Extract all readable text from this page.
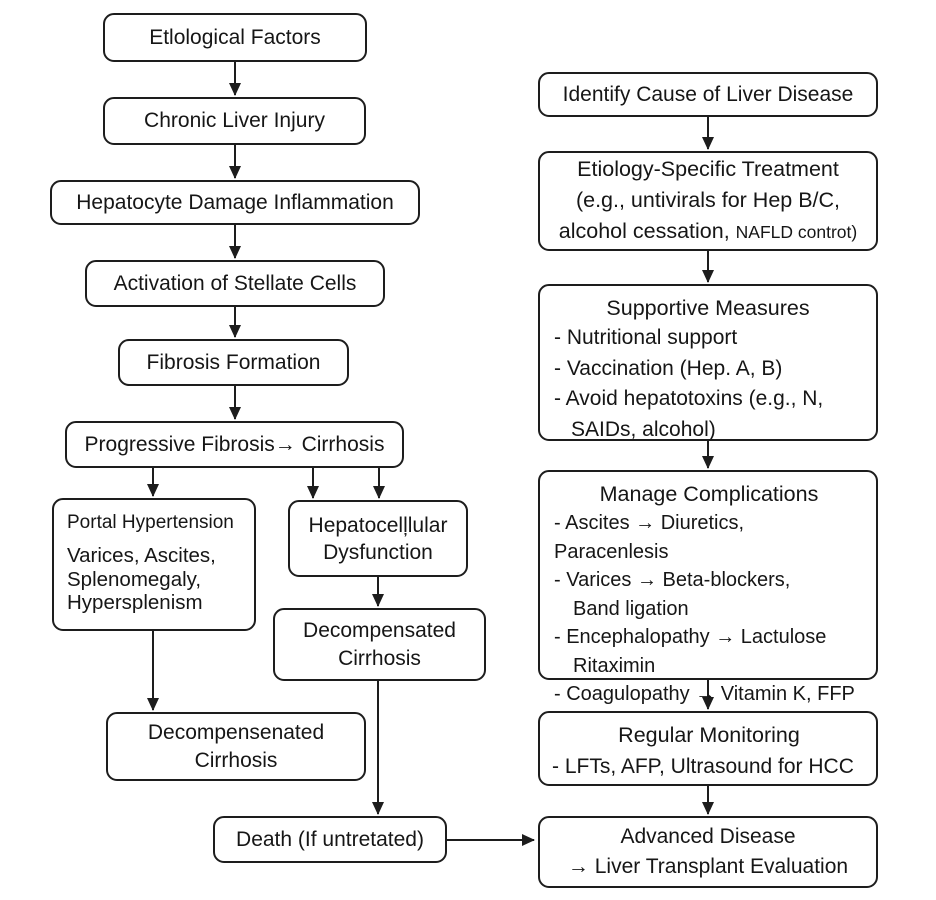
Etlological Factors
Chronic Liver Injury
Hepatocyte Damage Inflammation
Activation of Stellate Cells
Fibrosis Formation
Progressive Fibrosis→ Cirrhosis
Portal Hypertension
Varices, Ascites,
Splenomegaly,
Hypersplenism
Hepatocelļlular
Dysfunction
Decompensated
Cirrhosis
Decompensenated
Cirrhosis
Death (If untretated)
Identify Cause of Liver Disease
Etiology-Specific Treatment
(e.g., untivirals for Hep B/C,
alcohol cessation, NAFLD controt)
Supportive Measures
- Nutritional support
- Vaccination (Hep. A, B)
- Avoid hepatotoxins (e.g., N,
SAIDs, alcohol)
Manage Complications
- Ascites → Diuretics, Paracenlesis
- Varices → Beta-blockers,
Band ligation
- Encephalopathy → Lactulose
Ritaximin
- Coagulopathy → Vitamin K, FFP
Regular Monitoring
- LFTs, AFP, Ultrasound for HCC
Advanced Disease
→ Liver Transplant Evaluation
